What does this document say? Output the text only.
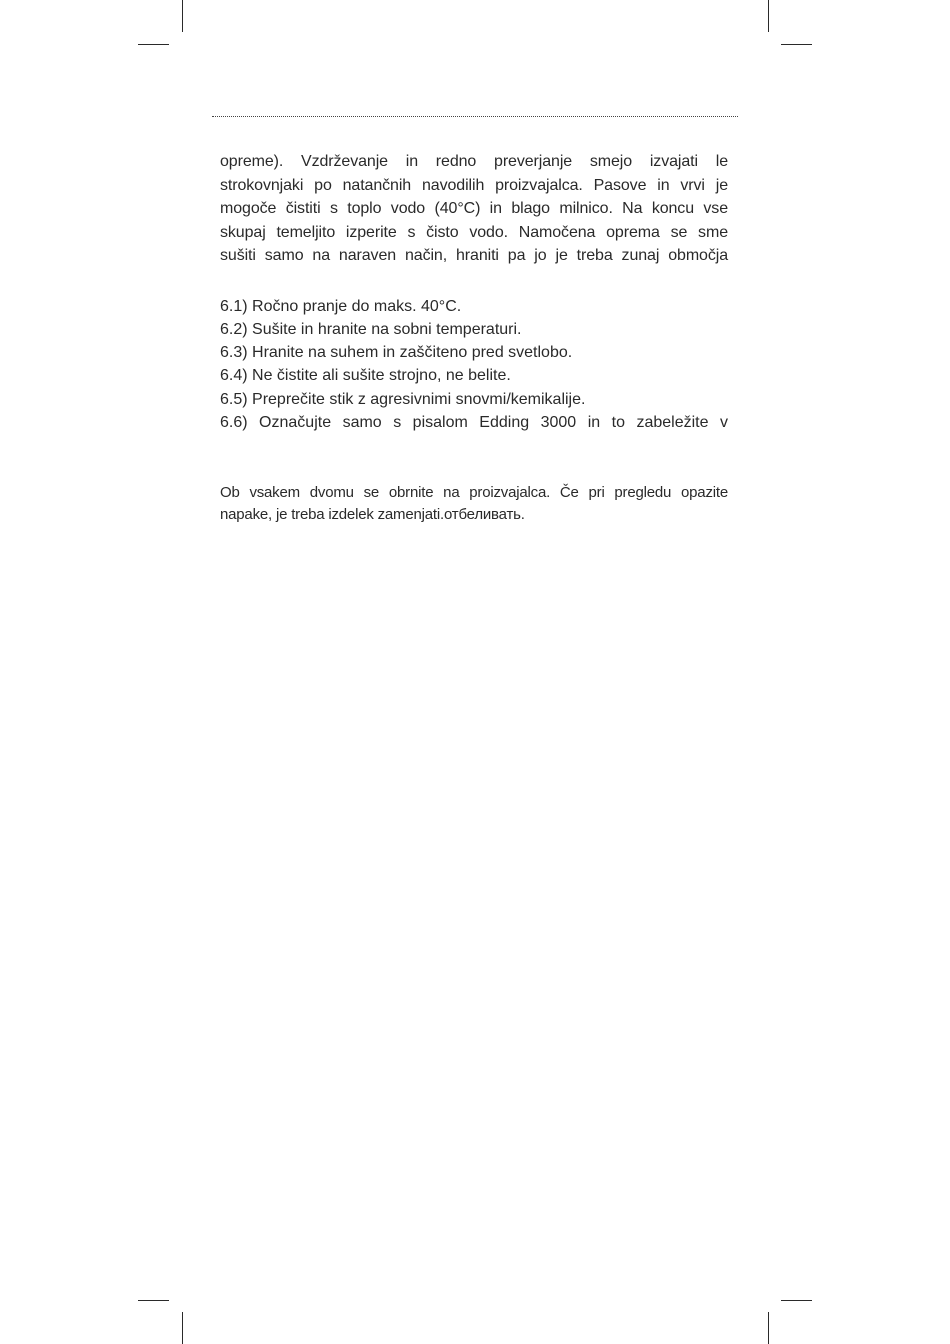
opreme). Vzdrževanje in redno preverjanje smejo izvajati le
strokovnjaki po natančnih navodilih proizvajalca. Pasove in vrvi je
mogoče čistiti s toplo vodo (40°C) in blago milnico. Na koncu vse
skupaj temeljito izperite s čisto vodo. Namočena oprema se sme
sušiti samo na naraven način, hraniti pa jo je treba zunaj območja

6.1) Ročno pranje do maks. 40°C.
6.2) Sušite in hranite na sobni temperaturi.
6.3) Hranite na suhem in zaščiteno pred svetlobo.
6.4) Ne čistite ali sušite strojno, ne belite.
6.5) Preprečite stik z agresivnimi snovmi/kemikalije.
6.6) Označujte samo s pisalom Edding 3000 in to zabeležite v
Ob vsakem dvomu se obrnite na proizvajalca. Če pri pregledu opazite
napake, je treba izdelek zamenjati.отбеливать.
